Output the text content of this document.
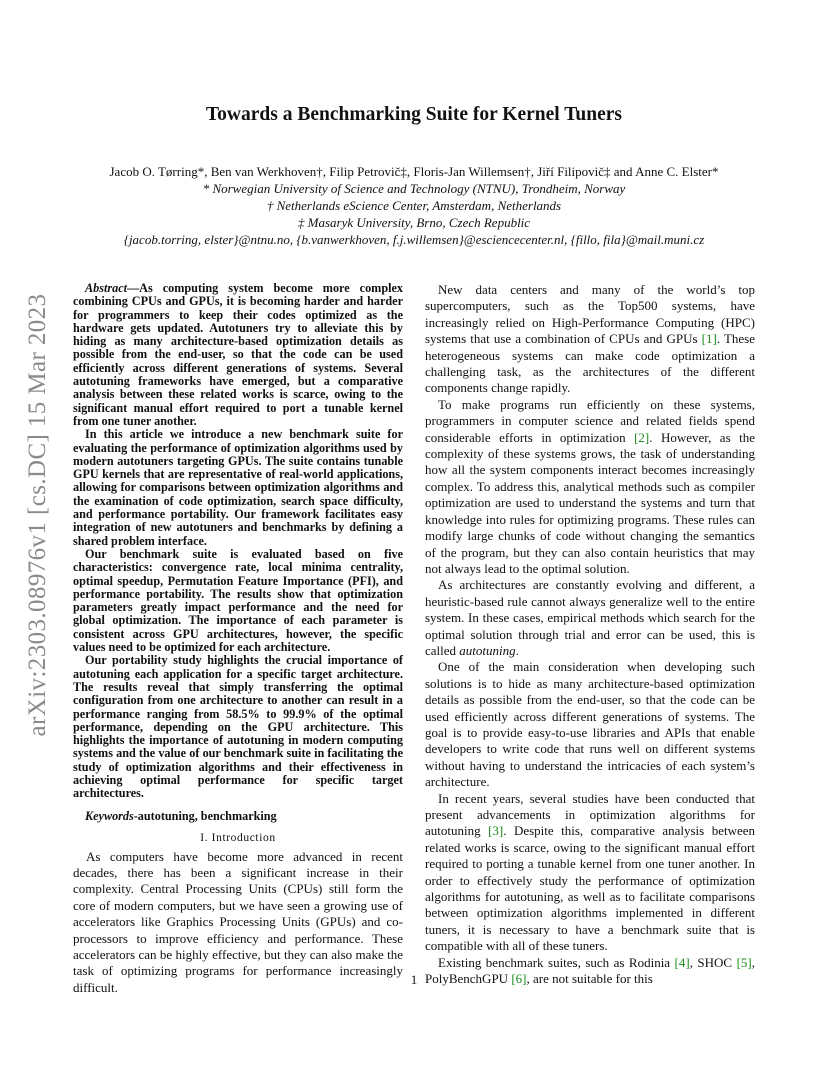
arXiv:2303.08976v1 [cs.DC] 15 Mar 2023
Towards a Benchmarking Suite for Kernel Tuners
Jacob O. Tørring*, Ben van Werkhoven†, Filip Petrovič‡, Floris-Jan Willemsen†, Jiří Filipovič‡ and Anne C. Elster*
* Norwegian University of Science and Technology (NTNU), Trondheim, Norway
† Netherlands eScience Center, Amsterdam, Netherlands
‡ Masaryk University, Brno, Czech Republic
{jacob.torring, elster}@ntnu.no, {b.vanwerkhoven, f.j.willemsen}@esciencecenter.nl, {fillo, fila}@mail.muni.cz

Abstract—As computing system become more complex combining CPUs and GPUs, it is becoming harder and harder for programmers to keep their codes optimized as the hardware gets updated. Autotuners try to alleviate this by hiding as many architecture-based optimization details as possible from the end-user, so that the code can be used efficiently across different generations of systems. Several autotuning frameworks have emerged, but a comparative analysis between these related works is scarce, owing to the significant manual effort required to port a tunable kernel from one tuner another.

In this article we introduce a new benchmark suite for evaluating the performance of optimization algorithms used by modern autotuners targeting GPUs. The suite contains tunable GPU kernels that are representative of real-world applications, allowing for comparisons between optimization algorithms and the examination of code optimization, search space difficulty, and performance portability. Our framework facilitates easy integration of new autotuners and benchmarks by defining a shared problem interface.

Our benchmark suite is evaluated based on five characteristics: convergence rate, local minima centrality, optimal speedup, Permutation Feature Importance (PFI), and performance portability. The results show that optimization parameters greatly impact performance and the need for global optimization. The importance of each parameter is consistent across GPU architectures, however, the specific values need to be optimized for each architecture.

Our portability study highlights the crucial importance of autotuning each application for a specific target architecture. The results reveal that simply transferring the optimal configuration from one architecture to another can result in a performance ranging from 58.5% to 99.9% of the optimal performance, depending on the GPU architecture. This highlights the importance of autotuning in modern computing systems and the value of our benchmark suite in facilitating the study of optimization algorithms and their effectiveness in achieving optimal performance for specific target architectures.

Keywords-autotuning, benchmarking
I. Introduction

As computers have become more advanced in recent decades, there has been a significant increase in their complexity. Central Processing Units (CPUs) still form the core of modern computers, but we have seen a growing use of accelerators like Graphics Processing Units (GPUs) and co-processors to improve efficiency and performance. These accelerators can be highly effective, but they can also make the task of optimizing programs for performance increasingly difficult.

New data centers and many of the world’s top supercomputers, such as the Top500 systems, have increasingly relied on High-Performance Computing (HPC) systems that use a combination of CPUs and GPUs [1]. These heterogeneous systems can make code optimization a challenging task, as the architectures of the different components change rapidly.

To make programs run efficiently on these systems, programmers in computer science and related fields spend considerable efforts in optimization [2]. However, as the complexity of these systems grows, the task of understanding how all the system components interact becomes increasingly complex. To address this, analytical methods such as compiler optimization are used to understand the systems and turn that knowledge into rules for optimizing programs. These rules can modify large chunks of code without changing the semantics of the program, but they can also contain heuristics that may not always lead to the optimal solution.

As architectures are constantly evolving and different, a heuristic-based rule cannot always generalize well to the entire system. In these cases, empirical methods which search for the optimal solution through trial and error can be used, this is called autotuning.

One of the main consideration when developing such solutions is to hide as many architecture-based optimization details as possible from the end-user, so that the code can be used efficiently across different generations of systems. The goal is to provide easy-to-use libraries and APIs that enable developers to write code that runs well on different systems without having to understand the intricacies of each system’s architecture.

In recent years, several studies have been conducted that present advancements in optimization algorithms for autotuning [3]. Despite this, comparative analysis between related works is scarce, owing to the significant manual effort required to porting a tunable kernel from one tuner another. In order to effectively study the performance of optimization algorithms for autotuning, as well as to facilitate comparisons between optimization algorithms implemented in different tuners, it is necessary to have a benchmark suite that is compatible with all of these tuners.

Existing benchmark suites, such as Rodinia [4], SHOC [5], PolyBenchGPU [6], are not suitable for this

1
